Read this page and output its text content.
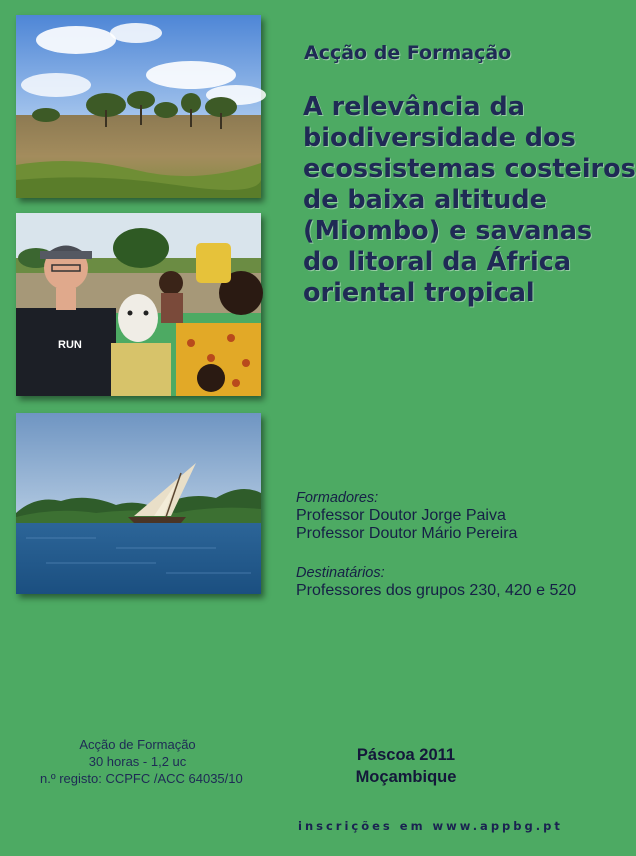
RUN
Acção de Formação
A relevância da
biodiversidade dos
ecossistemas costeiros
de baixa altitude
(Miombo) e savanas
do litoral da África
oriental tropical
Formadores:
Professor Doutor Jorge Paiva
Professor Doutor Mário Pereira
Destinatários:
Professores dos grupos 230, 420 e 520
Acção de Formação
30 horas - 1,2 uc
n.º registo: CCPFC /ACC 64035/10
Páscoa 2011
Moçambique
inscrições em www.appbg.pt
